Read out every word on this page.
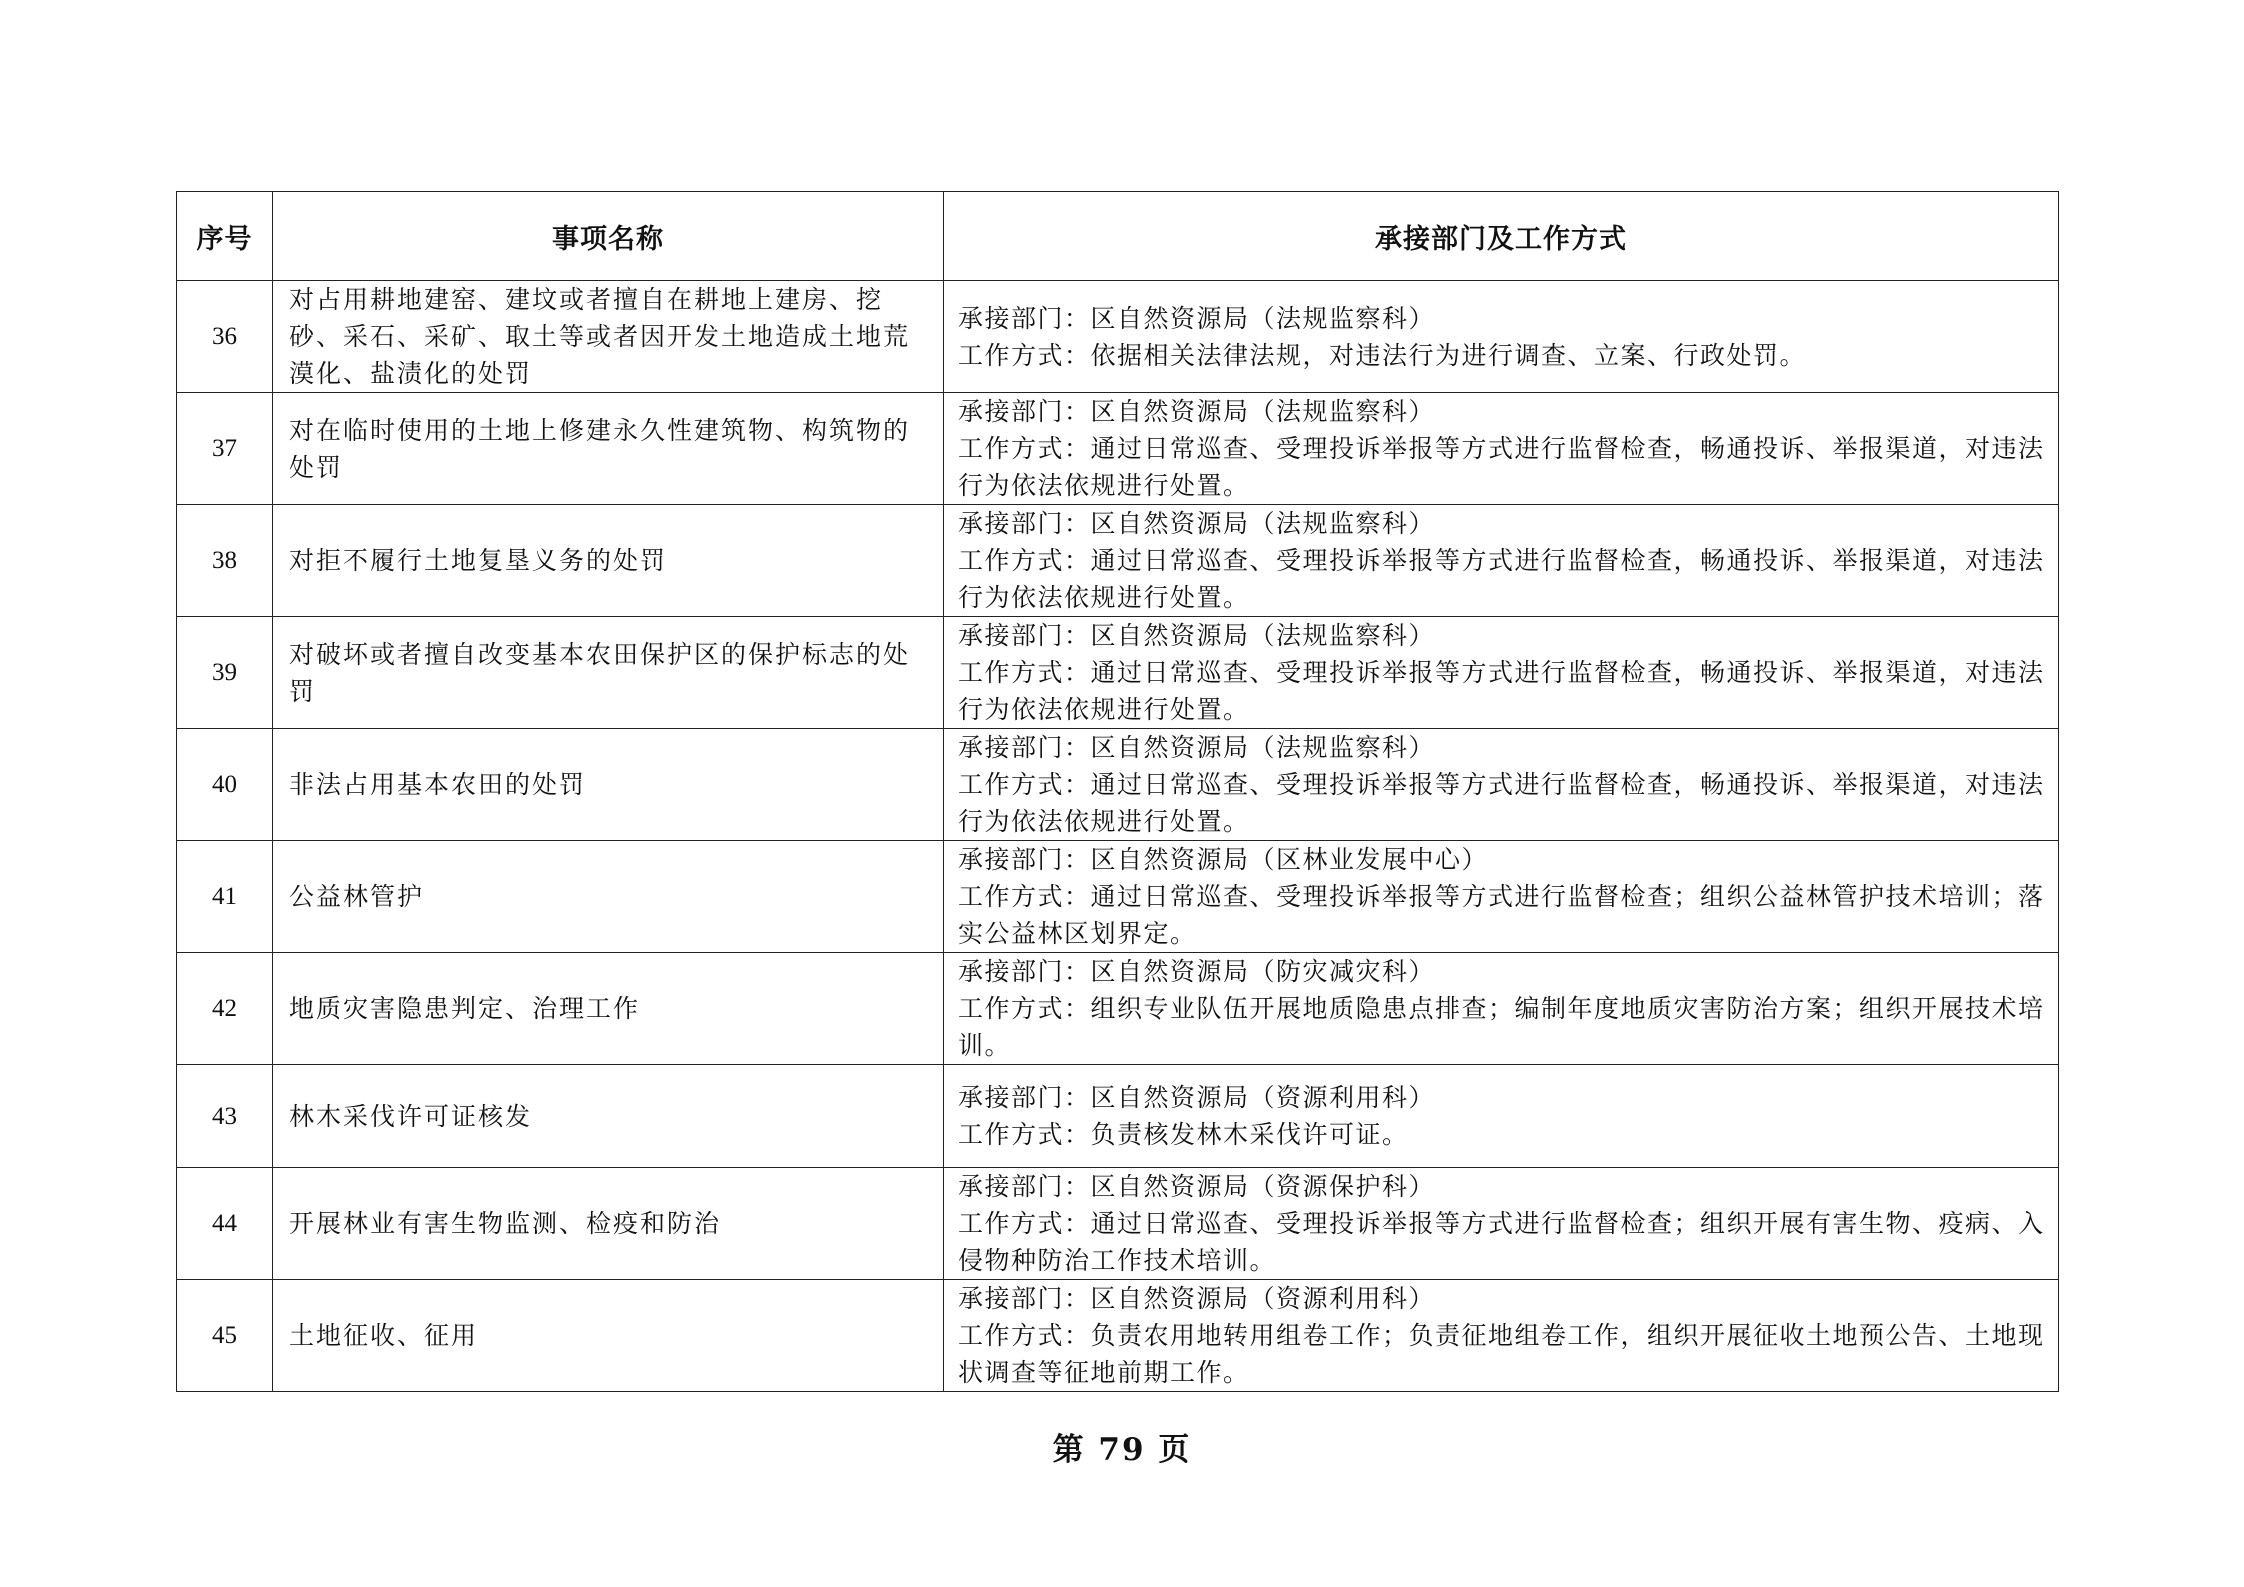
序号	事项名称	承接部门及工作方式
36	对占用耕地建窑、建坟或者擅自在耕地上建房、挖砂、采石、采矿、取土等或者因开发土地造成土地荒漠化、盐渍化的处罚	承接部门：区自然资源局（法规监察科）
工作方式：依据相关法律法规，对违法行为进行调查、立案、行政处罚。
37	对在临时使用的土地上修建永久性建筑物、构筑物的处罚	承接部门：区自然资源局（法规监察科）
工作方式：通过日常巡查、受理投诉举报等方式进行监督检查，畅通投诉、举报渠道，对违法行为依法依规进行处置。
38	对拒不履行土地复垦义务的处罚	承接部门：区自然资源局（法规监察科）
工作方式：通过日常巡查、受理投诉举报等方式进行监督检查，畅通投诉、举报渠道，对违法行为依法依规进行处置。
39	对破坏或者擅自改变基本农田保护区的保护标志的处罚	承接部门：区自然资源局（法规监察科）
工作方式：通过日常巡查、受理投诉举报等方式进行监督检查，畅通投诉、举报渠道，对违法行为依法依规进行处置。
40	非法占用基本农田的处罚	承接部门：区自然资源局（法规监察科）
工作方式：通过日常巡查、受理投诉举报等方式进行监督检查，畅通投诉、举报渠道，对违法行为依法依规进行处置。
41	公益林管护	承接部门：区自然资源局（区林业发展中心）
工作方式：通过日常巡查、受理投诉举报等方式进行监督检查；组织公益林管护技术培训；落实公益林区划界定。
42	地质灾害隐患判定、治理工作	承接部门：区自然资源局（防灾减灾科）
工作方式：组织专业队伍开展地质隐患点排查；编制年度地质灾害防治方案；组织开展技术培训。
43	林木采伐许可证核发	承接部门：区自然资源局（资源利用科）
工作方式：负责核发林木采伐许可证。
44	开展林业有害生物监测、检疫和防治	承接部门：区自然资源局（资源保护科）
工作方式：通过日常巡查、受理投诉举报等方式进行监督检查；组织开展有害生物、疫病、入侵物种防治工作技术培训。
45	土地征收、征用	承接部门：区自然资源局（资源利用科）
工作方式：负责农用地转用组卷工作；负责征地组卷工作，组织开展征收土地预公告、土地现状调查等征地前期工作。
第 79 页
